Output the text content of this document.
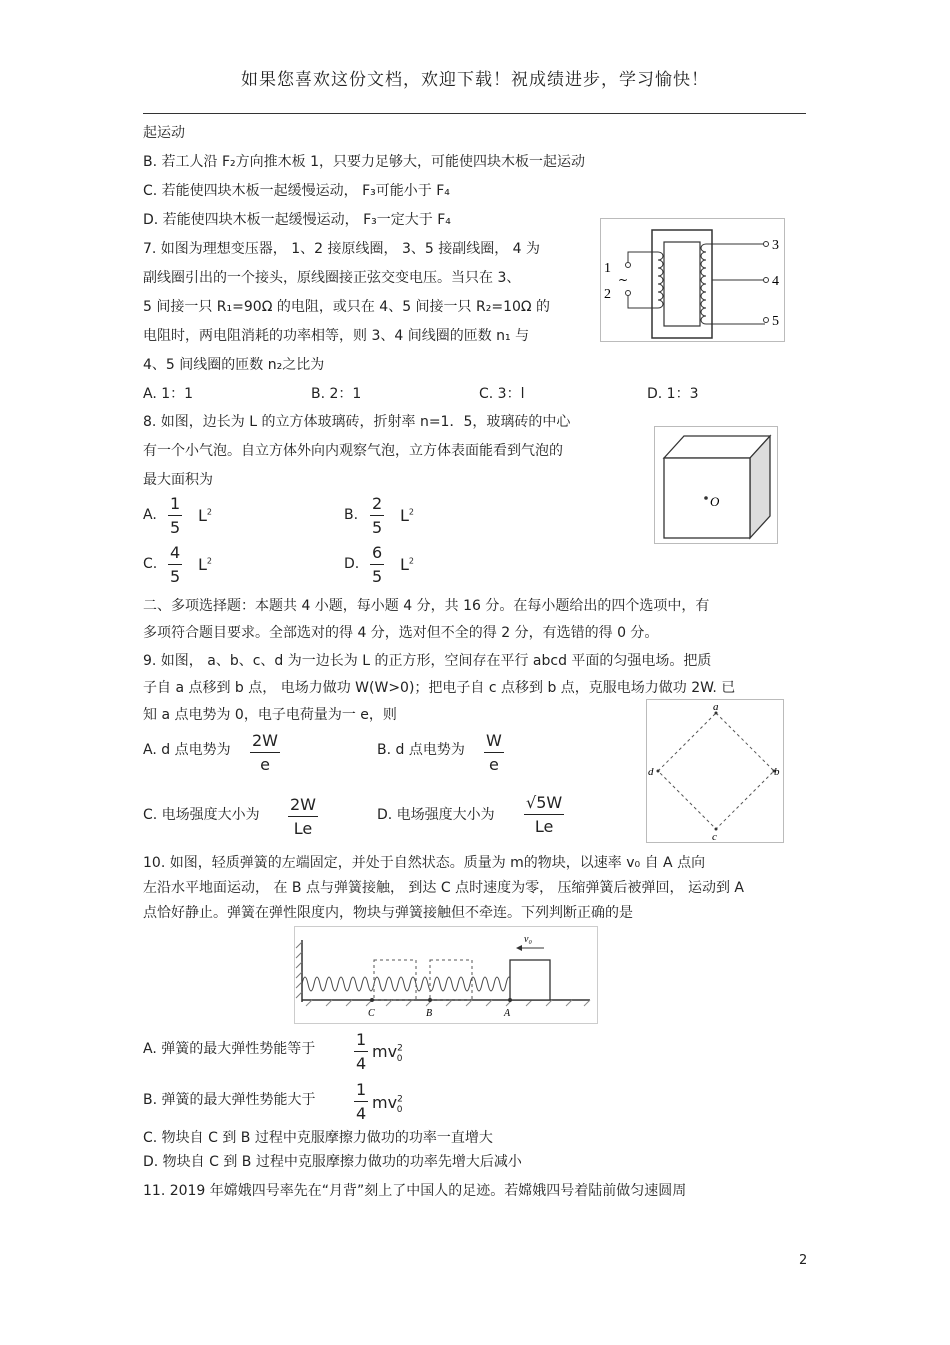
如果您喜欢这份文档，欢迎下载！祝成绩进步，学习愉快！
起运动
B. 若工人沿 F₂方向推木板 1，只要力足够大，可能使四块木板一起运动
C. 若能使四块木板一起缓慢运动， F₃可能小于 F₄
D. 若能使四块木板一起缓慢运动， F₃一定大于 F₄
7. 如图为理想变压器， 1、2 接原线圈， 3、5 接副线圈， 4 为
副线圈引出的一个接头，原线圈接正弦交变电压。当只在 3、
5 间接一只 R₁=90Ω 的电阻，或只在 4、5 间接一只 R₂=10Ω 的
电阻时，两电阻消耗的功率相等，则 3、4 间线圈的匝数 n₁ 与
4、5 间线圈的匝数 n₂之比为
A. 1：1	B. 2：1	C. 3：l	D. 1：3
1
~
2
3
4
5
8. 如图，边长为 L 的立方体玻璃砖，折射率 n=1．5，玻璃砖的中心
有一个小气泡。自立方体外向内观察气泡，立方体表面能看到气泡的
最大面积为
A. $\frac{1}{5} L^2$	B. $\frac{2}{5} L^2$
C. $\frac{4}{5} L^2$	D. $\frac{6}{5} L^2$
O
二、多项选择题：本题共 4 小题，每小题 4 分，共 16 分。在每小题给出的四个选项中，有
多项符合题目要求。全部选对的得 4 分，选对但不全的得 2 分，有选错的得 0 分。
9. 如图， a、b、c、d 为一边长为 L 的正方形，空间存在平行 abcd 平面的匀强电场。把质
子自 a 点移到 b 点， 电场力做功 W(W>0)；把电子自 c 点移到 b 点，克服电场力做功 2W. 已
知 a 点电势为 0，电子电荷量为一 e，则
A. d 点电势为 $\frac{2W}{e}$	B. d 点电势为 $\frac{W}{e}$
C. 电场强度大小为 $\frac{2W}{Le}$	D. 电场强度大小为 $\frac{√5W}{Le}$
a
b
c
d
10. 如图，轻质弹簧的左端固定，并处于自然状态。质量为 m的物块，以速率 v₀ 自 A 点向
左沿水平地面运动， 在 B 点与弹簧接触， 到达 C 点时速度为零， 压缩弹簧后被弹回， 运动到 A
点恰好静止。弹簧在弹性限度内，物块与弹簧接触但不牵连。下列判断正确的是
v₀
C	B	A
A. 弹簧的最大弹性势能等于 $\frac{1}{4} mv^2_0$
B. 弹簧的最大弹性势能大于 $\frac{1}{4} mv^2_0$
C. 物块自 C 到 B 过程中克服摩擦力做功的功率一直增大
D. 物块自 C 到 B 过程中克服摩擦力做功的功率先增大后减小
11. 2019 年嫦娥四号率先在“月背”刻上了中国人的足迹。若嫦娥四号着陆前做匀速圆周
2
